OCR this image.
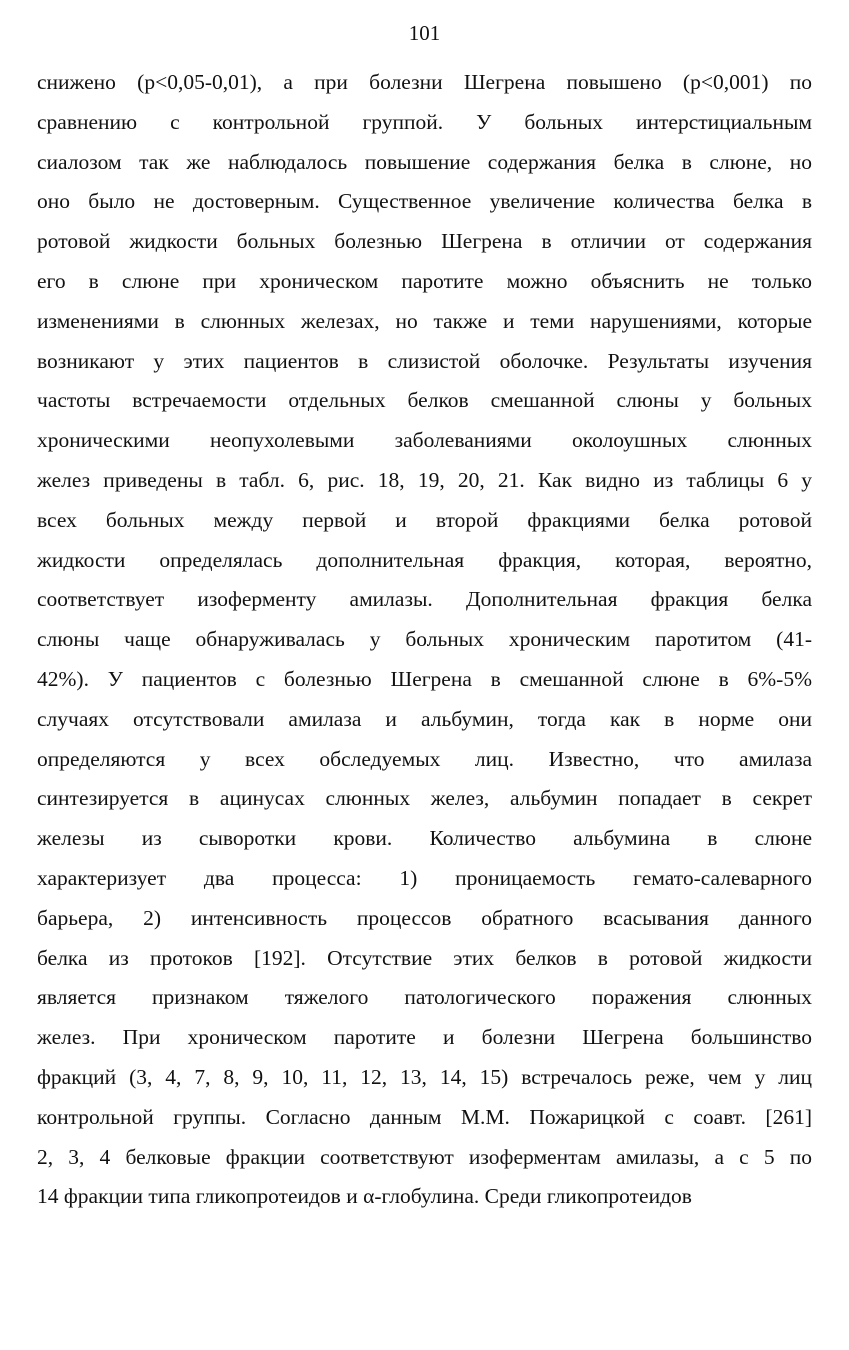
101
снижено (p<0,05-0,01), а при болезни Шегрена повышено (p<0,001) по
сравнению с контрольной группой. У больных интерстициальным
сиалозом так же наблюдалось повышение содержания белка в слюне, но
оно было не достоверным. Существенное увеличение количества белка в
ротовой жидкости больных болезнью Шегрена в отличии от содержания
его в слюне при хроническом паротите можно объяснить не только
изменениями в слюнных железах, но также и теми нарушениями, которые
возникают у этих пациентов в слизистой оболочке. Результаты изучения
частоты встречаемости отдельных белков смешанной слюны у больных
хроническими неопухолевыми заболеваниями околоушных слюнных
желез приведены в табл. 6, рис. 18, 19, 20, 21. Как видно из таблицы 6 у
всех больных между первой и второй фракциями белка ротовой
жидкости определялась дополнительная фракция, которая, вероятно,
соответствует изоферменту амилазы. Дополнительная фракция белка
слюны чаще обнаруживалась у больных хроническим паротитом (41-
42%). У пациентов с болезнью Шегрена в смешанной слюне в 6%-5%
случаях отсутствовали амилаза и альбумин, тогда как в норме они
определяются у всех обследуемых лиц. Известно, что амилаза
синтезируется в ацинусах слюнных желез, альбумин попадает в секрет
железы из сыворотки крови. Количество альбумина в слюне
характеризует два процесса: 1) проницаемость гемато-салеварного
барьера, 2) интенсивность процессов обратного всасывания данного
белка из протоков [192]. Отсутствие этих белков в ротовой жидкости
является признаком тяжелого патологического поражения слюнных
желез. При хроническом паротите и болезни Шегрена большинство
фракций (3, 4, 7, 8, 9, 10, 11, 12, 13, 14, 15) встречалось реже, чем у лиц
контрольной группы. Согласно данным М.М. Пожарицкой с соавт. [261]
2, 3, 4 белковые фракции соответствуют изоферментам амилазы, а с 5 по
14 фракции типа гликопротеидов и α-глобулина. Среди гликопротеидов
